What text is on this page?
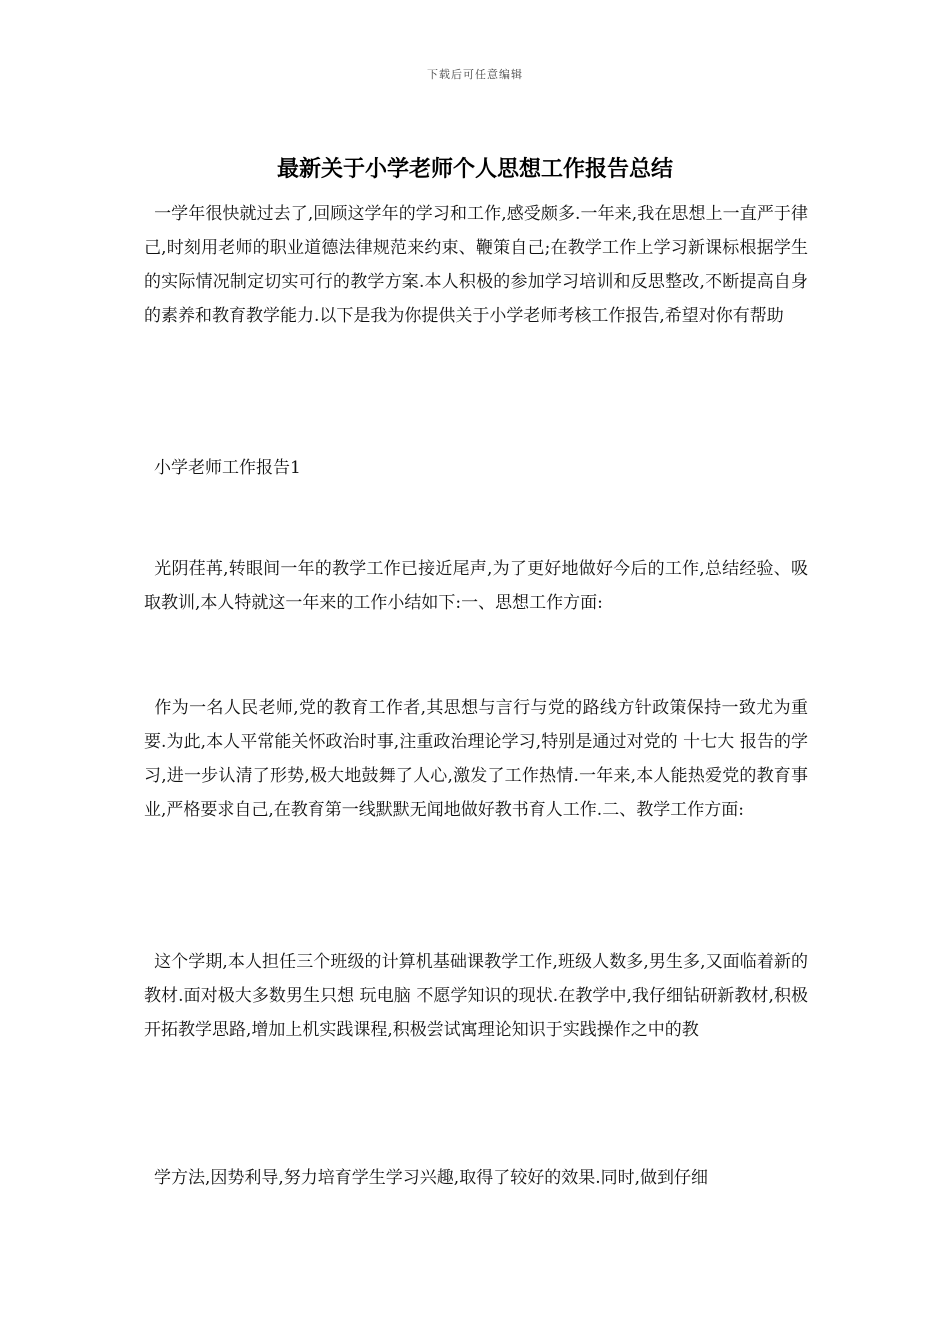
下载后可任意编辑
最新关于小学老师个人思想工作报告总结
一学年很快就过去了,回顾这学年的学习和工作,感受颇多.一年来,我在思想上一直严于律己,时刻用老师的职业道德法律规范来约束、鞭策自己;在教学工作上学习新课标根据学生的实际情况制定切实可行的教学方案.本人积极的参加学习培训和反思整改,不断提高自身的素养和教育教学能力.以下是我为你提供关于小学老师考核工作报告,希望对你有帮助
小学老师工作报告1
光阴荏苒,转眼间一年的教学工作已接近尾声,为了更好地做好今后的工作,总结经验、吸取教训,本人特就这一年来的工作小结如下:一、思想工作方面:
作为一名人民老师,党的教育工作者,其思想与言行与党的路线方针政策保持一致尤为重要.为此,本人平常能关怀政治时事,注重政治理论学习,特别是通过对党的 十七大 报告的学习,进一步认清了形势,极大地鼓舞了人心,激发了工作热情.一年来,本人能热爱党的教育事业,严格要求自己,在教育第一线默默无闻地做好教书育人工作.二、教学工作方面:
这个学期,本人担任三个班级的计算机基础课教学工作,班级人数多,男生多,又面临着新的教材.面对极大多数男生只想 玩电脑 不愿学知识的现状.在教学中,我仔细钻研新教材,积极开拓教学思路,增加上机实践课程,积极尝试寓理论知识于实践操作之中的教
学方法,因势利导,努力培育学生学习兴趣,取得了较好的效果.同时,做到仔细
